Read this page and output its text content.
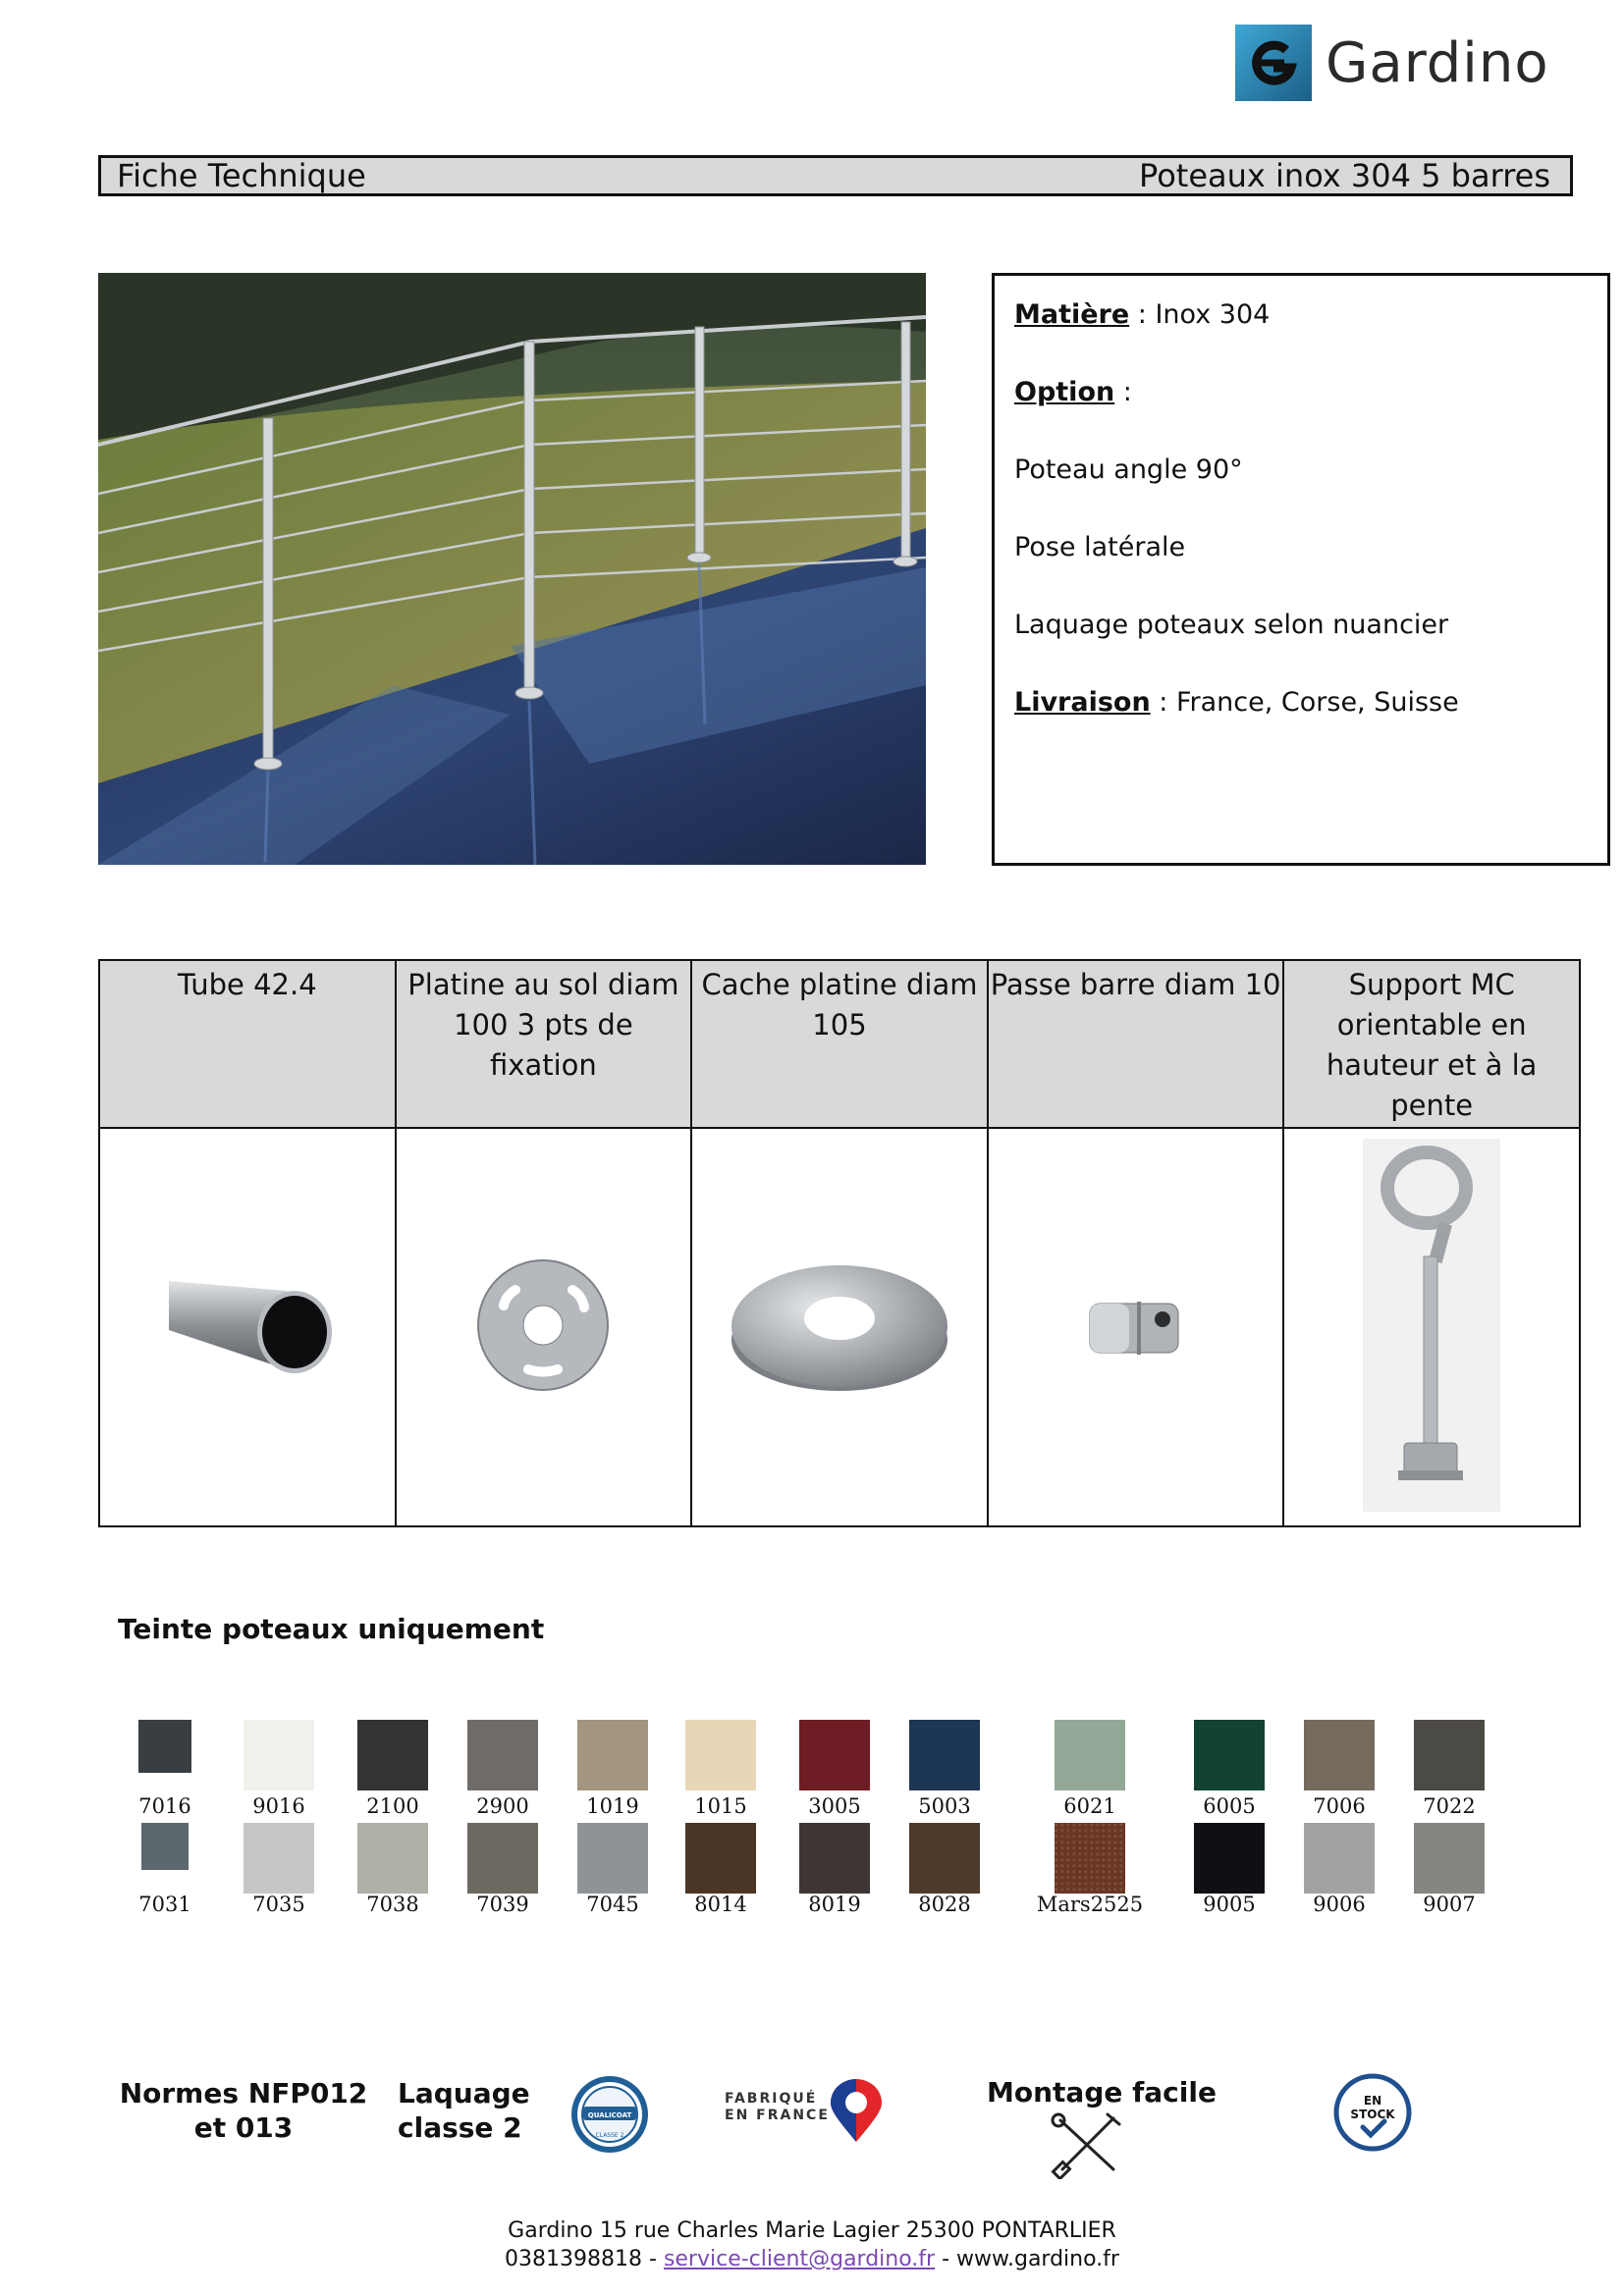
Gardino
Fiche Technique	Poteaux inox 304 5 barres

Matière : Inox 304

Option :

Poteau angle 90°

Pose latérale

Laquage poteaux selon nuancier

Livraison : France, Corse, Suisse

Tube 42.4	Platine au sol diam 100 3 pts de fixation	Cache platine diam 105	Passe barre diam 10	Support MC orientable en hauteur et à la pente

Teinte poteaux uniquement
7016	9016	2100	2900	1019	1015	3005	5003	6021	6005	7006	7022
7031	7035	7038	7039	7045	8014	8019	8028	Mars2525	9005	9006	9007
Normes NFP012 et 013
Laquage classe 2	QUALICOAT
CLASSE 2
FABRIQUÉ
EN FRANCE
Montage facile	EN
STOCK
Gardino 15 rue Charles Marie Lagier 25300 PONTARLIER
0381398818 - service-client@gardino.fr - www.gardino.fr
